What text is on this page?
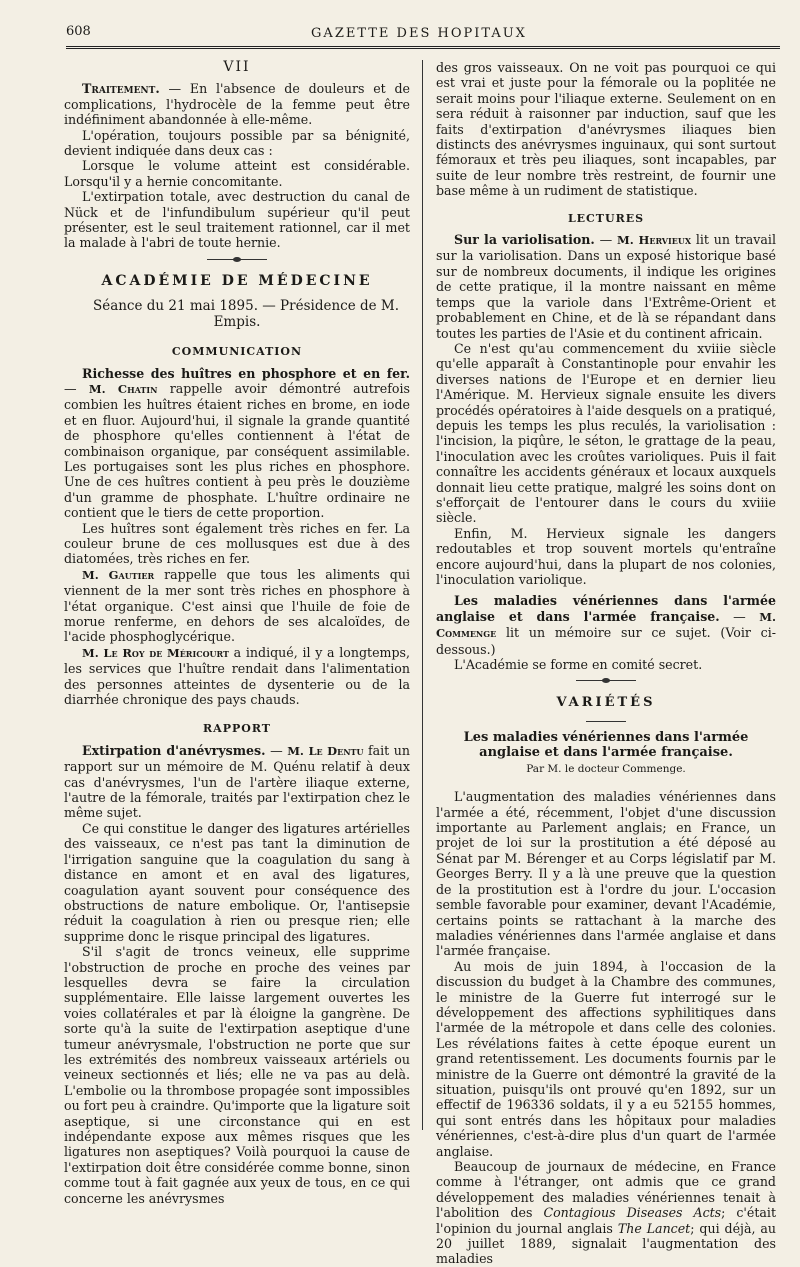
608	GAZETTE DES HOPITAUX

VII

Traitement. — En l'absence de douleurs et de complications, l'hydrocèle de la femme peut être indéfiniment abandonnée à elle-même.

L'opération, toujours possible par sa bénignité, devient indiquée dans deux cas :

Lorsque le volume atteint est considérable. Lorsqu'il y a hernie concomitante.

L'extirpation totale, avec destruction du canal de Nück et de l'infundibulum supérieur qu'il peut présenter, est le seul traitement rationnel, car il met la malade à l'abri de toute hernie.

ACADÉMIE DE MÉDECINE

Séance du 21 mai 1895. — Présidence de M. Empis.

COMMUNICATION

Richesse des huîtres en phosphore et en fer. — M. Chatin rappelle avoir démontré autrefois combien les huîtres étaient riches en brome, en iode et en fluor. Aujourd'hui, il signale la grande quantité de phosphore qu'elles contiennent à l'état de combinaison organique, par conséquent assimilable. Les portugaises sont les plus riches en phosphore. Une de ces huîtres contient à peu près le douzième d'un gramme de phosphate. L'huître ordinaire ne contient que le tiers de cette proportion.

Les huîtres sont également très riches en fer. La couleur brune de ces mollusques est due à des diatomées, très riches en fer.

M. Gautier rappelle que tous les aliments qui viennent de la mer sont très riches en phosphore à l'état organique. C'est ainsi que l'huile de foie de morue renferme, en dehors de ses alcaloïdes, de l'acide phosphoglycérique.

M. Le Roy de Méricourt a indiqué, il y a longtemps, les services que l'huître rendait dans l'alimentation des personnes atteintes de dysenterie ou de la diarrhée chronique des pays chauds.

RAPPORT

Extirpation d'anévrysmes. — M. Le Dentu fait un rapport sur un mémoire de M. Quénu relatif à deux cas d'anévrysmes, l'un de l'artère iliaque externe, l'autre de la fémorale, traités par l'extirpation chez le même sujet.

Ce qui constitue le danger des ligatures artérielles des vaisseaux, ce n'est pas tant la diminution de l'irrigation sanguine que la coagulation du sang à distance en amont et en aval des ligatures, coagulation ayant souvent pour conséquence des obstructions de nature embolique. Or, l'antisepsie réduit la coagulation à rien ou presque rien; elle supprime donc le risque principal des ligatures.

S'il s'agit de troncs veineux, elle supprime l'obstruction de proche en proche des veines par lesquelles devra se faire la circulation supplémentaire. Elle laisse largement ouvertes les voies collatérales et par là éloigne la gangrène. De sorte qu'à la suite de l'extirpation aseptique d'une tumeur anévrysmale, l'obstruction ne porte que sur les extrémités des nombreux vaisseaux artériels ou veineux sectionnés et liés; elle ne va pas au delà. L'embolie ou la thrombose propagée sont impossibles ou fort peu à craindre. Qu'importe que la ligature soit aseptique, si une circonstance qui en est indépendante expose aux mêmes risques que les ligatures non aseptiques? Voilà pourquoi la cause de l'extirpation doit être considérée comme bonne, sinon comme tout à fait gagnée aux yeux de tous, en ce qui concerne les anévrysmes

des gros vaisseaux. On ne voit pas pourquoi ce qui est vrai et juste pour la fémorale ou la poplitée ne serait moins pour l'iliaque externe. Seulement on en sera réduit à raisonner par induction, sauf que les faits d'extirpation d'anévrysmes iliaques bien distincts des anévrysmes inguinaux, qui sont surtout fémoraux et très peu iliaques, sont incapables, par suite de leur nombre très restreint, de fournir une base même à un rudiment de statistique.

LECTURES

Sur la variolisation. — M. Hervieux lit un travail sur la variolisation. Dans un exposé historique basé sur de nombreux documents, il indique les origines de cette pratique, il la montre naissant en même temps que la variole dans l'Extrême-Orient et probablement en Chine, et de là se répandant dans toutes les parties de l'Asie et du continent africain.

Ce n'est qu'au commencement du xviiie siècle qu'elle apparaît à Constantinople pour envahir les diverses nations de l'Europe et en dernier lieu l'Amérique. M. Hervieux signale ensuite les divers procédés opératoires à l'aide desquels on a pratiqué, depuis les temps les plus reculés, la variolisation : l'incision, la piqûre, le séton, le grattage de la peau, l'inoculation avec les croûtes varioliques. Puis il fait connaître les accidents généraux et locaux auxquels donnait lieu cette pratique, malgré les soins dont on s'efforçait de l'entourer dans le cours du xviiie siècle.

Enfin, M. Hervieux signale les dangers redoutables et trop souvent mortels qu'entraîne encore aujourd'hui, dans la plupart de nos colonies, l'inoculation variolique.

Les maladies vénériennes dans l'armée anglaise et dans l'armée française. — M. Commenge lit un mémoire sur ce sujet. (Voir ci-dessous.)

L'Académie se forme en comité secret.

VARIÉTÉS

Les maladies vénériennes dans l'armée anglaise et dans l'armée française.

Par M. le docteur Commenge.

L'augmentation des maladies vénériennes dans l'armée a été, récemment, l'objet d'une discussion importante au Parlement anglais; en France, un projet de loi sur la prostitution a été déposé au Sénat par M. Bérenger et au Corps législatif par M. Georges Berry. Il y a là une preuve que la question de la prostitution est à l'ordre du jour. L'occasion semble favorable pour examiner, devant l'Académie, certains points se rattachant à la marche des maladies vénériennes dans l'armée anglaise et dans l'armée française.

Au mois de juin 1894, à l'occasion de la discussion du budget à la Chambre des communes, le ministre de la Guerre fut interrogé sur le développement des affections syphilitiques dans l'armée de la métropole et dans celle des colonies. Les révélations faites à cette époque eurent un grand retentissement. Les documents fournis par le ministre de la Guerre ont démontré la gravité de la situation, puisqu'ils ont prouvé qu'en 1892, sur un effectif de 196336 soldats, il y a eu 52155 hommes, qui sont entrés dans les hôpitaux pour maladies vénériennes, c'est-à-dire plus d'un quart de l'armée anglaise.

Beaucoup de journaux de médecine, en France comme à l'étranger, ont admis que ce grand développement des maladies vénériennes tenait à l'abolition des Contagious Diseases Acts; c'était l'opinion du journal anglais The Lancet; qui déjà, au 20 juillet 1889, signalait l'augmentation des maladies
